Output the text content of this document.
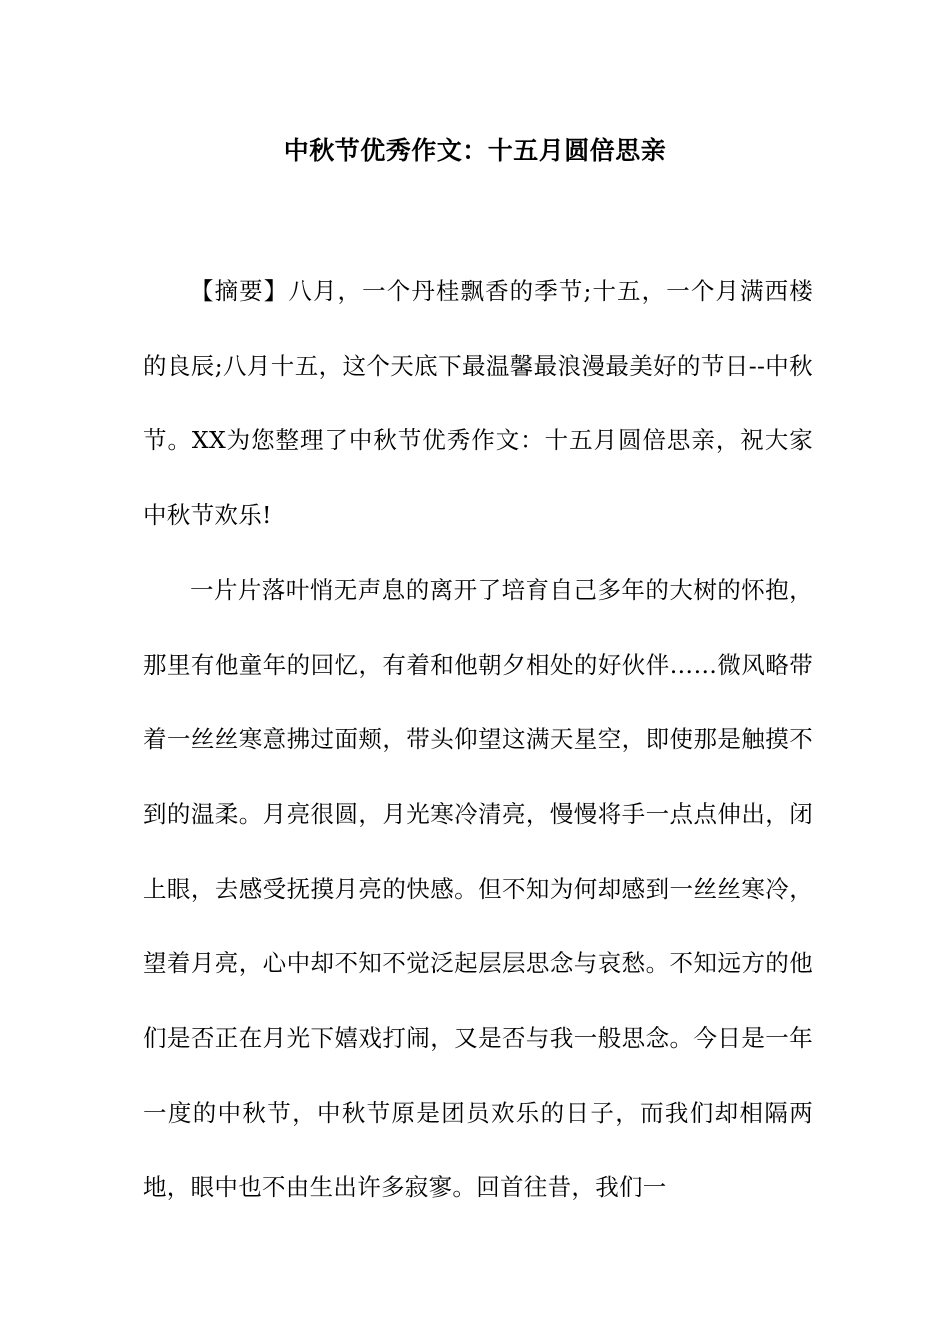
中秋节优秀作文：十五月圆倍思亲

【摘要】八月，一个丹桂飘香的季节;十五，一个月满西楼的良辰;八月十五，这个天底下最温馨最浪漫最美好的节日--中秋节。XX为您整理了中秋节优秀作文：十五月圆倍思亲，祝大家中秋节欢乐!

一片片落叶悄无声息的离开了培育自己多年的大树的怀抱，那里有他童年的回忆，有着和他朝夕相处的好伙伴……微风略带着一丝丝寒意拂过面颊，带头仰望这满天星空，即使那是触摸不到的温柔。月亮很圆，月光寒冷清亮，慢慢将手一点点伸出，闭上眼，去感受抚摸月亮的快感。但不知为何却感到一丝丝寒冷，望着月亮，心中却不知不觉泛起层层思念与哀愁。不知远方的他们是否正在月光下嬉戏打闹，又是否与我一般思念。今日是一年一度的中秋节，中秋节原是团员欢乐的日子，而我们却相隔两地，眼中也不由生出许多寂寥。回首往昔，我们一
